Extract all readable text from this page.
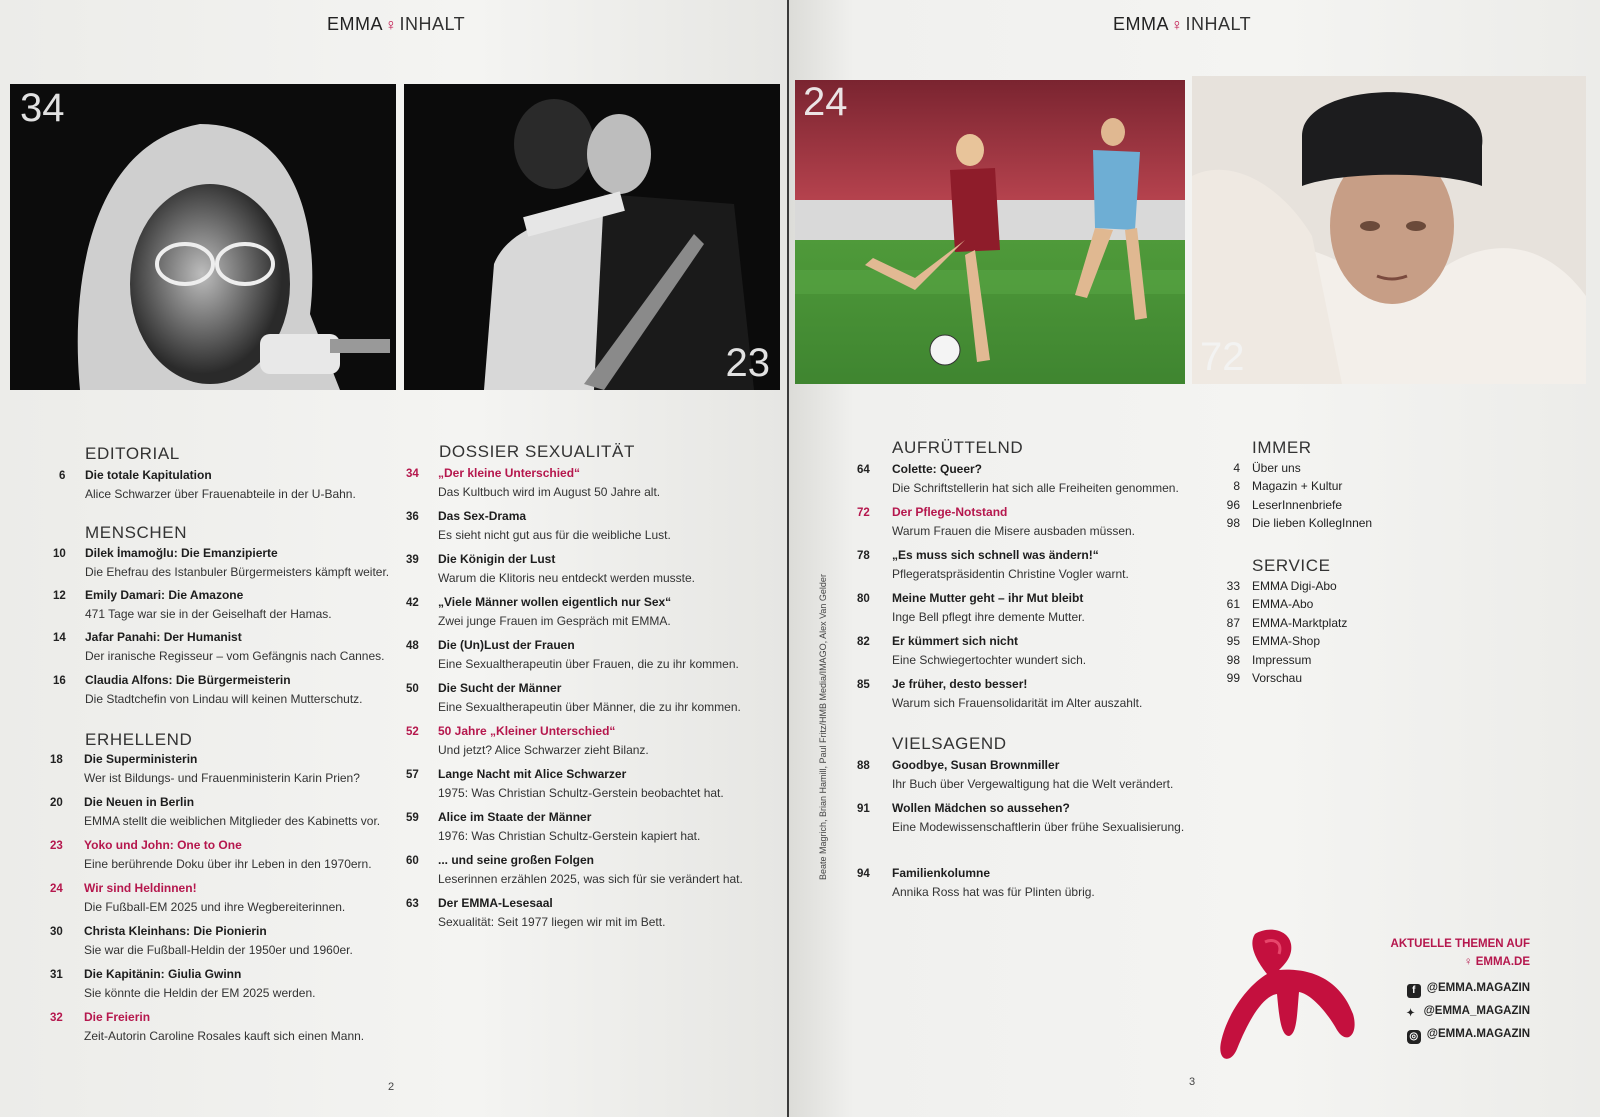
EMMA ♀ INHALT
34
23
EDITORIAL
6 Die totale Kapitulation
Alice Schwarzer über Frauenabteile in der U-Bahn.
MENSCHEN
10 Dilek İmamoğlu: Die Emanzipierte
Die Ehefrau des Istanbuler Bürgermeisters kämpft weiter.
12 Emily Damari: Die Amazone
471 Tage war sie in der Geiselhaft der Hamas.
14 Jafar Panahi: Der Humanist
Der iranische Regisseur – vom Gefängnis nach Cannes.
16 Claudia Alfons: Die Bürgermeisterin
Die Stadtchefin von Lindau will keinen Mutterschutz.
ERHELLEND
18 Die Superministerin
Wer ist Bildungs- und Frauenministerin Karin Prien?
20 Die Neuen in Berlin
EMMA stellt die weiblichen Mitglieder des Kabinetts vor.
23 Yoko und John: One to One
Eine berührende Doku über ihr Leben in den 1970ern.
24 Wir sind Heldinnen!
Die Fußball-EM 2025 und ihre Wegbereiterinnen.
30 Christa Kleinhans: Die Pionierin
Sie war die Fußball-Heldin der 1950er und 1960er.
31 Die Kapitänin: Giulia Gwinn
Sie könnte die Heldin der EM 2025 werden.
32 Die Freierin
Zeit-Autorin Caroline Rosales kauft sich einen Mann.
DOSSIER SEXUALITÄT
34 „Der kleine Unterschied“
Das Kultbuch wird im August 50 Jahre alt.
36 Das Sex-Drama
Es sieht nicht gut aus für die weibliche Lust.
39 Die Königin der Lust
Warum die Klitoris neu entdeckt werden musste.
42 „Viele Männer wollen eigentlich nur Sex“
Zwei junge Frauen im Gespräch mit EMMA.
48 Die (Un)Lust der Frauen
Eine Sexualtherapeutin über Frauen, die zu ihr kommen.
50 Die Sucht der Männer
Eine Sexualtherapeutin über Männer, die zu ihr kommen.
52 50 Jahre „Kleiner Unterschied“
Und jetzt? Alice Schwarzer zieht Bilanz.
57 Lange Nacht mit Alice Schwarzer
1975: Was Christian Schultz-Gerstein beobachtet hat.
59 Alice im Staate der Männer
1976: Was Christian Schultz-Gerstein kapiert hat.
60 ... und seine großen Folgen
Leserinnen erzählen 2025, was sich für sie verändert hat.
63 Der EMMA-Lesesaal
Sexualität: Seit 1977 liegen wir mit im Bett.
2
EMMA ♀ INHALT
24
72
AUFRÜTTELND
64 Colette: Queer?
Die Schriftstellerin hat sich alle Freiheiten genommen.
72 Der Pflege-Notstand
Warum Frauen die Misere ausbaden müssen.
78 „Es muss sich schnell was ändern!“
Pflegeratspräsidentin Christine Vogler warnt.
80 Meine Mutter geht – ihr Mut bleibt
Inge Bell pflegt ihre demente Mutter.
82 Er kümmert sich nicht
Eine Schwiegertochter wundert sich.
85 Je früher, desto besser!
Warum sich Frauensolidarität im Alter auszahlt.
VIELSAGEND
88 Goodbye, Susan Brownmiller
Ihr Buch über Vergewaltigung hat die Welt verändert.
91 Wollen Mädchen so aussehen?
Eine Modewissenschaftlerin über frühe Sexualisierung.
94 Familienkolumne
Annika Ross hat was für Plinten übrig.
IMMER
4 Über uns
8 Magazin + Kultur
96 LeserInnenbriefe
98 Die lieben KollegInnen
SERVICE
33 EMMA Digi-Abo
61 EMMA-Abo
87 EMMA-Marktplatz
95 EMMA-Shop
98 Impressum
99 Vorschau
AKTUELLE THEMEN AUF
♀ EMMA.DE
f @EMMA.MAGAZIN
✦ @EMMA_MAGAZIN
◎ @EMMA.MAGAZIN
3
Beate Magrich, Brian Hamill, Paul Fritz/HMB Media/IMAGO, Alex Van Gelder
